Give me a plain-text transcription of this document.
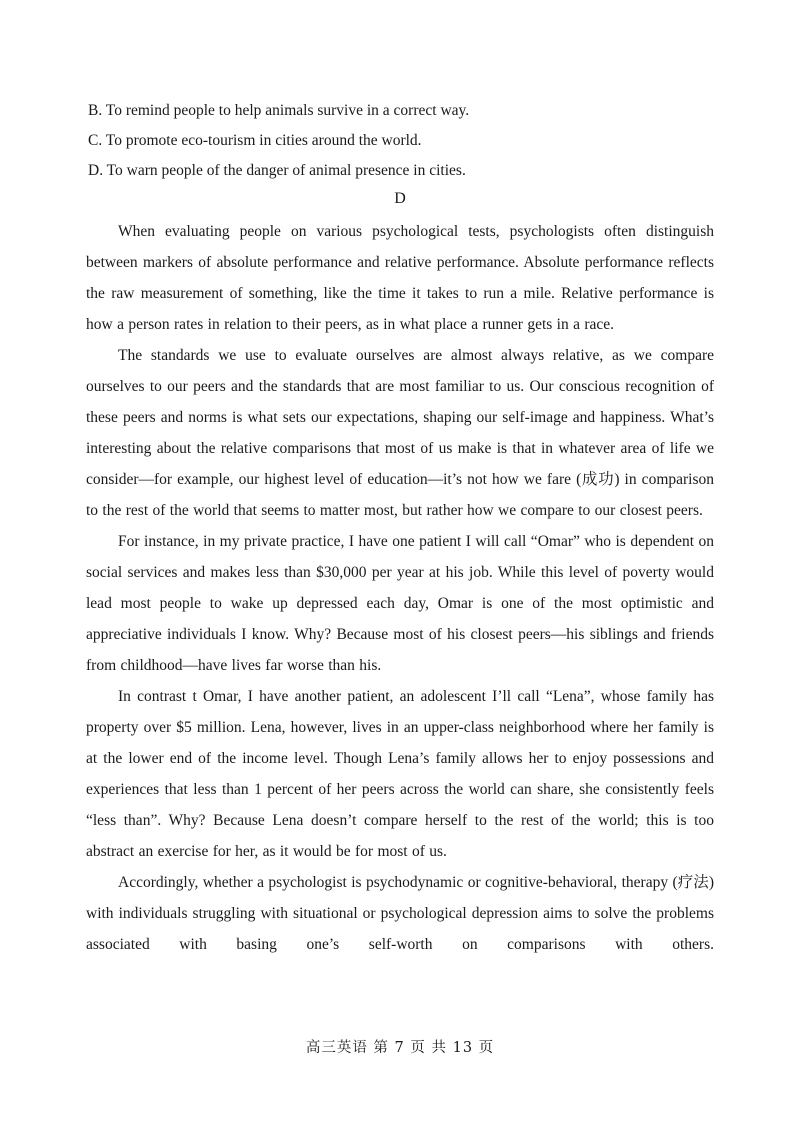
B. To remind people to help animals survive in a correct way.
C. To promote eco-tourism in cities around the world.
D. To warn people of the danger of animal presence in cities.
D

When evaluating people on various psychological tests, psychologists often distinguish between markers of absolute performance and relative performance. Absolute performance reflects the raw measurement of something, like the time it takes to run a mile. Relative performance is how a person rates in relation to their peers, as in what place a runner gets in a race.

The standards we use to evaluate ourselves are almost always relative, as we compare ourselves to our peers and the standards that are most familiar to us. Our conscious recognition of these peers and norms is what sets our expectations, shaping our self-image and happiness. What’s interesting about the relative comparisons that most of us make is that in whatever area of life we consider—for example, our highest level of education—it’s not how we fare (成功) in comparison to the rest of the world that seems to matter most, but rather how we compare to our closest peers.

For instance, in my private practice, I have one patient I will call “Omar” who is dependent on social services and makes less than $30,000 per year at his job. While this level of poverty would lead most people to wake up depressed each day, Omar is one of the most optimistic and appreciative individuals I know. Why? Because most of his closest peers—his siblings and friends from childhood—have lives far worse than his.

In contrast t Omar, I have another patient, an adolescent I’ll call “Lena”, whose family has property over $5 million. Lena, however, lives in an upper-class neighborhood where her family is at the lower end of the income level. Though Lena’s family allows her to enjoy possessions and experiences that less than 1 percent of her peers across the world can share, she consistently feels “less than”. Why? Because Lena doesn’t compare herself to the rest of the world; this is too abstract an exercise for her, as it would be for most of us.

Accordingly, whether a psychologist is psychodynamic or cognitive-behavioral, therapy (疗法) with individuals struggling with situational or psychological depression aims to solve the problems associated with basing one’s self-worth on comparisons with others.

高三英语 第 7 页 共 13 页
